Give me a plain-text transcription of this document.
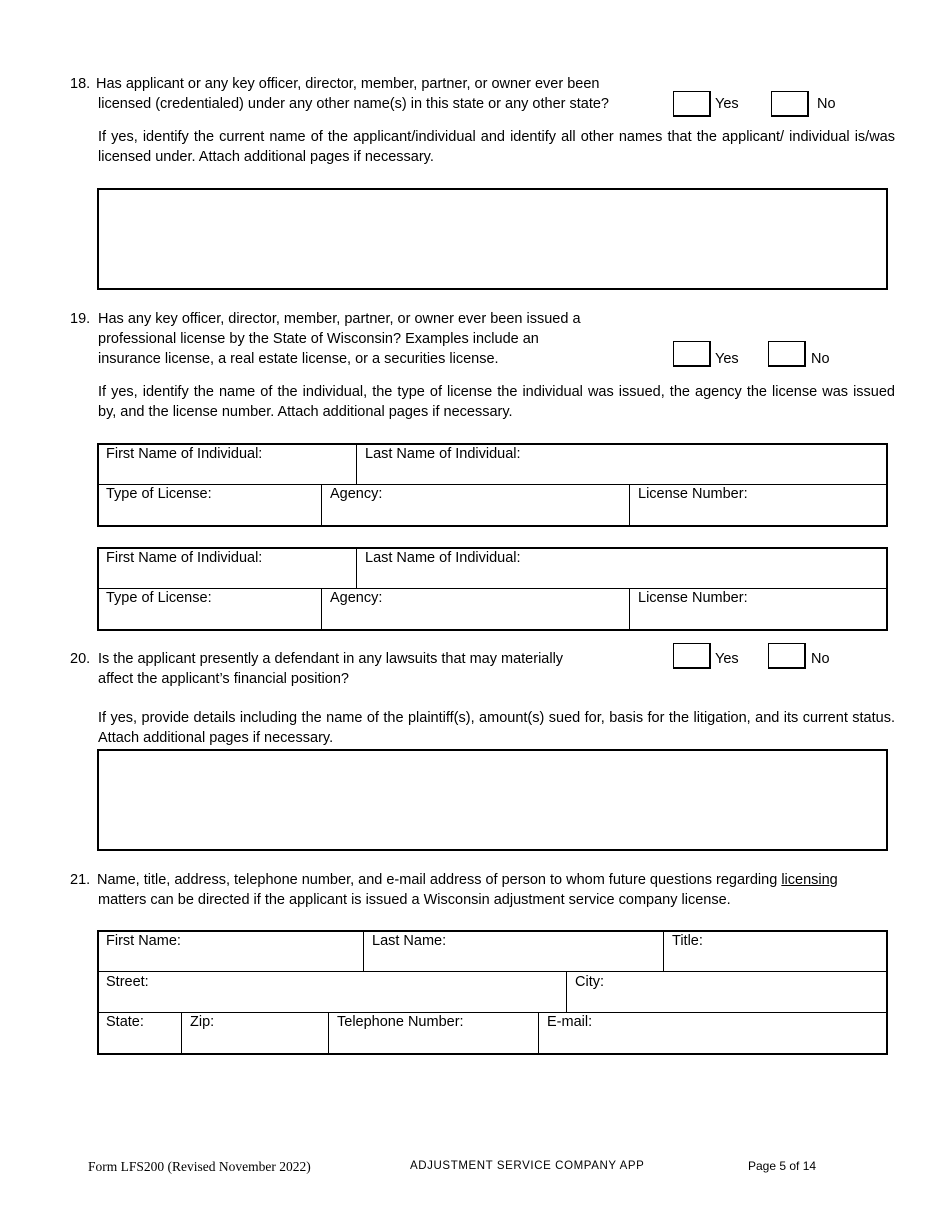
18. Has applicant or any key officer, director, member, partner, or owner ever been
licensed (credentialed) under any other name(s) in this state or any other state?	Yes	No
If yes, identify the current name of the applicant/individual and identify all other names that the applicant/ individual is/was licensed under. Attach additional pages if necessary.
19. Has any key officer, director, member, partner, or owner ever been issued a
professional license by the State of Wisconsin? Examples include an
insurance license, a real estate license, or a securities license.	Yes	No
If yes, identify the name of the individual, the type of license the individual was issued, the agency the license was issued by, and the license number. Attach additional pages if necessary.
First Name of Individual:	Last Name of Individual:
Type of License:	Agency:	License Number:
First Name of Individual:	Last Name of Individual:
Type of License:	Agency:	License Number:
20. Is the applicant presently a defendant in any lawsuits that may materially
affect the applicant’s financial position?
Yes	No
If yes, provide details including the name of the plaintiff(s), amount(s) sued for, basis for the litigation, and its current status. Attach additional pages if necessary.
21. Name, title, address, telephone number, and e-mail address of person to whom future questions regarding licensing
matters can be directed if the applicant is issued a Wisconsin adjustment service company license.
First Name:	Last Name:	Title:
Street:	City:
State:	Zip:	Telephone Number:	E-mail:
Form LFS200 (Revised November 2022)	ADJUSTMENT SERVICE COMPANY APP	Page 5 of 14
